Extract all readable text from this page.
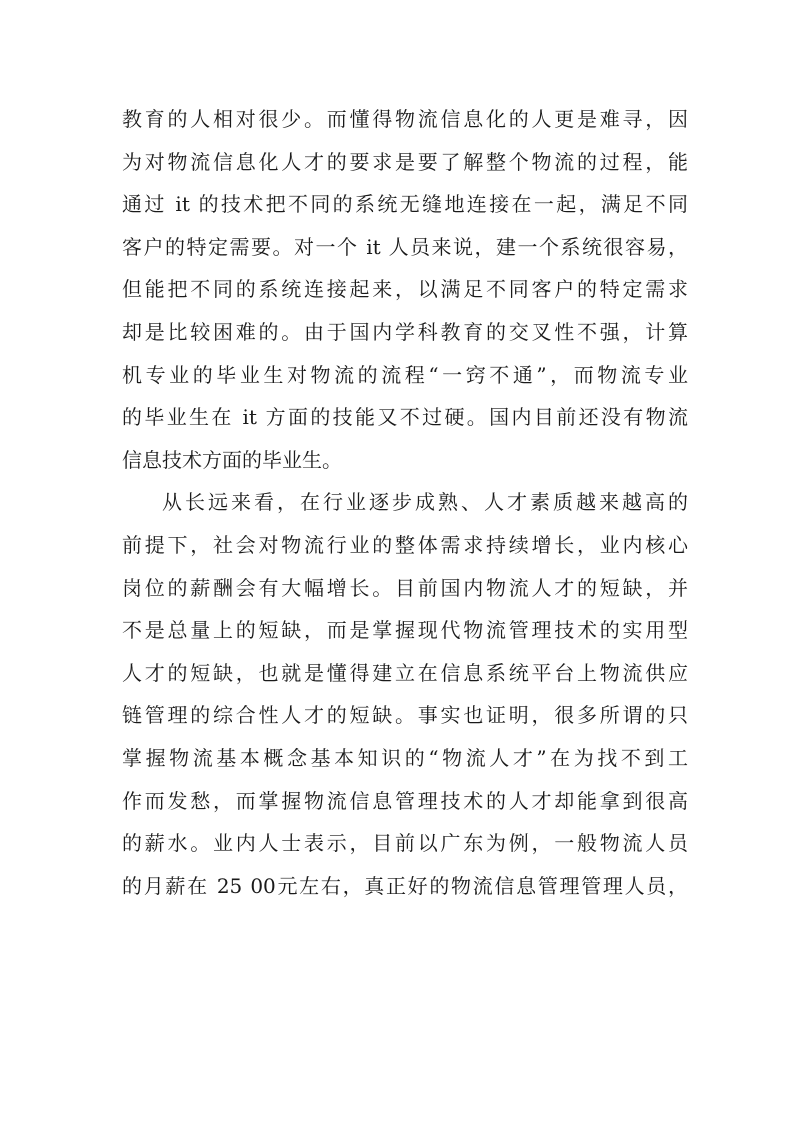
教育的人相对很少。而懂得物流信息化的人更是难寻，因
为对物流信息化人才的要求是要了解整个物流的过程，能
通过 it 的技术把不同的系统无缝地连接在一起，满足不同
客户的特定需要。对一个 it 人员来说，建一个系统很容易，
但能把不同的系统连接起来，以满足不同客户的特定需求
却是比较困难的。由于国内学科教育的交叉性不强，计算
机专业的毕业生对物流的流程“一窍不通”，而物流专业
的毕业生在 it 方面的技能又不过硬。国内目前还没有物流
信息技术方面的毕业生。
从长远来看，在行业逐步成熟、人才素质越来越高的
前提下，社会对物流行业的整体需求持续增长，业内核心
岗位的薪酬会有大幅增长。目前国内物流人才的短缺，并
不是总量上的短缺，而是掌握现代物流管理技术的实用型
人才的短缺，也就是懂得建立在信息系统平台上物流供应
链管理的综合性人才的短缺。事实也证明，很多所谓的只
掌握物流基本概念基本知识的“物流人才”在为找不到工
作而发愁，而掌握物流信息管理技术的人才却能拿到很高
的薪水。业内人士表示，目前以广东为例，一般物流人员
的月薪在 25 00元左右，真正好的物流信息管理管理人员，
